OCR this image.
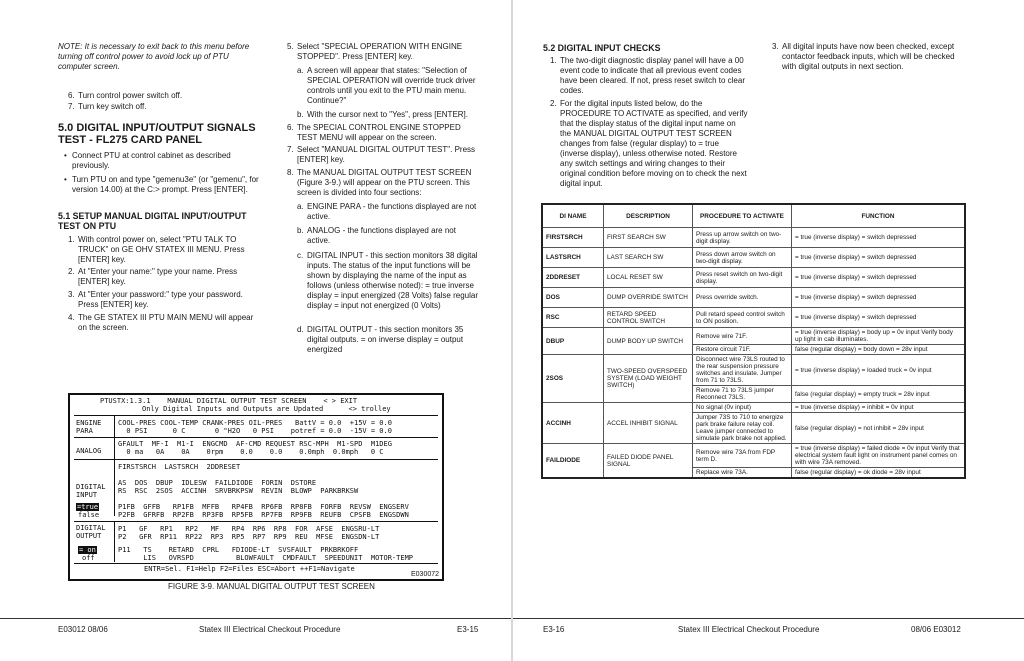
NOTE: It is necessary to exit back to this menu before turning off control power to avoid lock up of PTU computer screen.
6. Turn control power switch off.
7. Turn key switch off.
5.0 DIGITAL INPUT/OUTPUT SIGNALS TEST - FL275 CARD PANEL
• Connect PTU at control cabinet as described previously.
• Turn PTU on and type "gemenu3e" (or "gemenu", for version 14.00) at the C:> prompt. Press [ENTER].
5.1 SETUP MANUAL DIGITAL INPUT/OUTPUT TEST ON PTU
1. With control power on, select "PTU TALK TO TRUCK" on GE OHV STATEX III MENU. Press [ENTER] key.
2. At "Enter your name:" type your name. Press [ENTER] key.
3. At "Enter your password:" type your password. Press [ENTER] key.
4. The GE STATEX III PTU MAIN MENU will appear on the screen.
5. Select "SPECIAL OPERATION WITH ENGINE STOPPED". Press [ENTER] key.
a. A screen will appear that states: "Selection of SPECIAL OPERATION will override truck driver controls until you exit to the PTU main menu. Continue?"
b. With the cursor next to "Yes", press [ENTER].
6. The SPECIAL CONTROL ENGINE STOPPED TEST MENU will appear on the screen.
7. Select "MANUAL DIGITAL OUTPUT TEST". Press [ENTER] key.
8. The MANUAL DIGITAL OUTPUT TEST SCREEN (Figure 3-9.) will appear on the PTU screen. This screen is divided into four sections:
a. ENGINE PARA - the functions displayed are not active.
b. ANALOG - the functions displayed are not active.
c. DIGITAL INPUT - this section monitors 38 digital inputs. The status of the input functions will be shown by displaying the name of the input as follows (unless otherwise noted): = true inverse display = input energized (28 Volts) false regular display = input not energized (0 Volts)
d. DIGITAL OUTPUT - this section monitors 35 digital outputs. = on inverse display = output energized
PTUSTX:1.3.1    MANUAL DIGITAL OUTPUT TEST SCREEN    < > EXIT
Only Digital Inputs and Outputs are Updated      <> trolley
ENGINE PARA
COOL-PRES COOL-TEMP CRANK-PRES OIL-PRES   BattV = 0.0  +15V = 0.0
0 PSI      0 C       0 "H2O   0 PSI    potref = 0.0  -15V = 0.0
ANALOG
GFAULT  MF-I  M1-I  ENGCMD  AF-CMD REQUEST RSC-MPH  M1-SPD  M1DEG
0 ma   0A    0A    0rpm    0.0    0.0    0.0mph  0.0mph   0 C
FIRSTSRCH  LASTSRCH  2DDRESET
DIGITAL INPUT
AS  DOS  DBUP  IDLESW  FAILDIODE  FORIN  DSTORE
RS  RSC  2SOS  ACCINH  SRVBRKPSW  REVIN  BLOWP  PARKBRKSW
=true
false
P1FB  GFFB   RP1FB  MFFB   RP4FB  RP6FB  RP8FB  FORFB  REVSW  ENGSERV
P2FB  GFRFB  RP2FB  RP3FB  RP5FB  RP7FB  RP9FB  REUFB  CPSFB  ENGSDWN
DIGITAL OUTPUT
P1   GF   RP1   RP2   MF   RP4  RP6  RP8  FOR  AFSE  ENGSRU-LT
P2   GFR  RP11  RP22  RP3  RP5  RP7  RP9  REU  MFSE  ENGSDN-LT
= on
off
P11   TS    RETARD  CPRL   FDIODE-LT  SVSFAULT  PRKBRKOFF
LIS   OVRSPD          BLOWFAULT  CMDFAULT  SPEEDUNIT  MOTOR-TEMP
ENTR=Sel. F1=Help F2=Files ESC=Abort ++F1=Navigate
E030072
FIGURE 3-9. MANUAL DIGITAL OUTPUT TEST SCREEN
E03012 08/06	Statex III Electrical Checkout Procedure	E3-15
5.2 DIGITAL INPUT CHECKS
1. The two-digit diagnostic display panel will have a 00 event code to indicate that all previous event codes have been cleared. If not, press reset switch to clear codes.
2. For the digital inputs listed below, do the PROCEDURE TO ACTIVATE as specified, and verify that the display status of the digital input name on the MANUAL DIGITAL OUTPUT TEST SCREEN changes from false (regular display) to = true (inverse display), unless otherwise noted. Restore any switch settings and wiring changes to their original condition before moving on to check the next digital input.
3. All digital inputs have now been checked, except contactor feedback inputs, which will be checked with digital outputs in next section.
E3-16	Statex III Electrical Checkout Procedure	08/06 E03012
DI NAME	DESCRIPTION	PROCEDURE TO ACTIVATE	FUNCTION
FIRSTSRCH	FIRST SEARCH SW	Press up arrow switch on two-digit display.	= true (inverse display) = switch depressed
LASTSRCH	LAST SEARCH SW	Press down arrow switch on two-digit display.	= true (inverse display) = switch depressed
2DDRESET	LOCAL RESET SW	Press reset switch on two-digit display.	= true (inverse display) = switch depressed
DOS	DUMP OVERRIDE SWITCH	Press override switch.	= true (inverse display) = switch depressed
RSC	RETARD SPEED CONTROL SWITCH	Pull retard speed control switch to ON position.	= true (inverse display) = switch depressed
DBUP	DUMP BODY UP SWITCH	Remove wire 71F.	= true (inverse display) = body up = 0v input Verify body up light in cab illuminates.
		Restore circuit 71F.	false (regular display) = body down = 28v input
2SOS	TWO-SPEED OVERSPEED SYSTEM (LOAD WEIGHT SWITCH)	Disconnect wire 73LS routed to the rear suspension pressure switches and insulate. Jumper from 71 to 73LS.	= true (inverse display) = loaded truck = 0v input
		Remove 71 to 73LS jumper Reconnect 73LS.	false (regular display) = empty truck = 28v input
ACCINH	ACCEL INHIBIT SIGNAL	No signal (0v input)	= true (inverse display) = inhibit = 0v input
		Jumper 73S to 710 to energize park brake failure relay coil. Leave jumper connected to simulate park brake not applied.	false (regular display) = not inhibit = 28v input
FAILDIODE	FAILED DIODE PANEL SIGNAL	Remove wire 73A from FDP term D.	= true (inverse display) = failed diode = 0v input Verify that electrical system fault light on instrument panel comes on with wire 73A removed.
		Replace wire 73A.	false (regular display) = ok diode = 28v input
